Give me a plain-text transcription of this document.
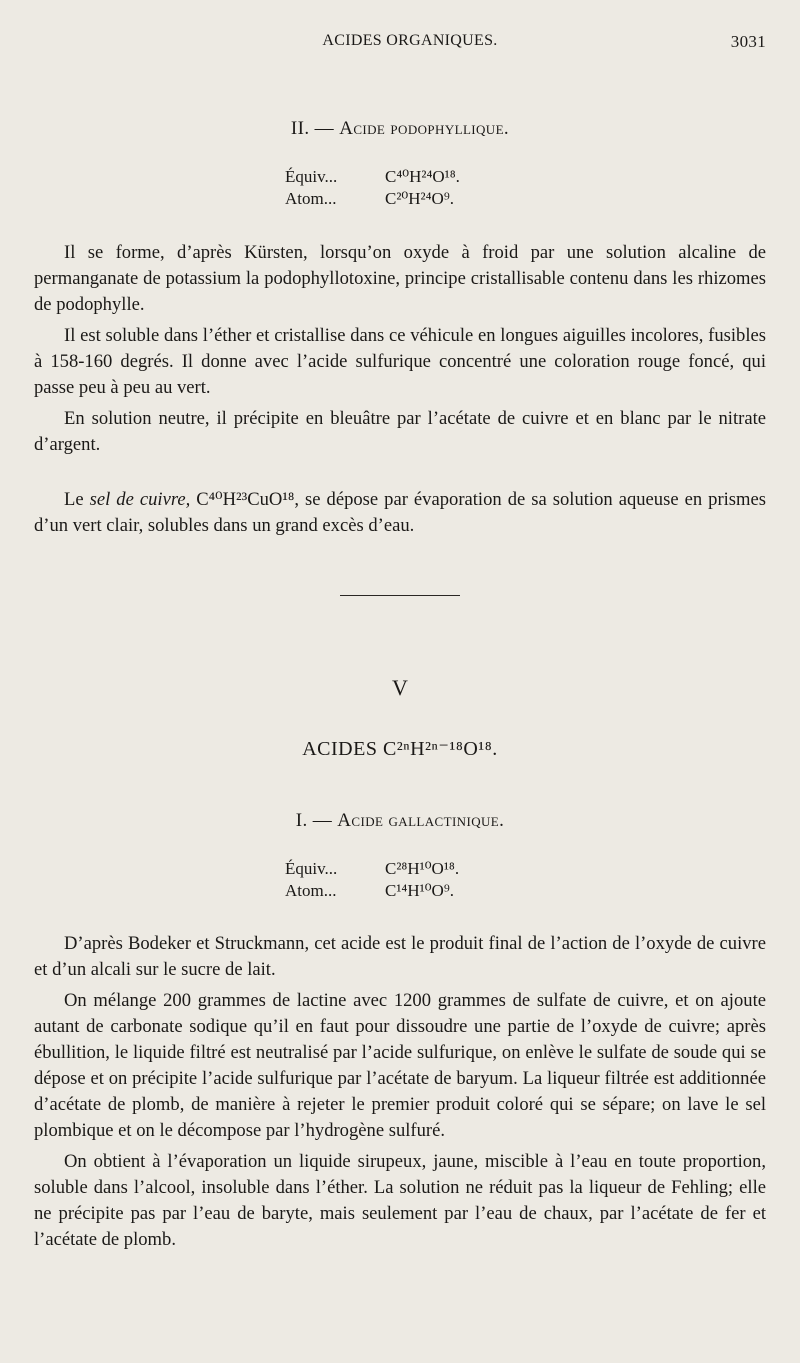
ACIDES ORGANIQUES.	3031
II. — Acide podophyllique.
Équiv...	C⁴⁰H²⁴O¹⁸.
Atom...	C²⁰H²⁴O⁹.

Il se forme, d’après Kürsten, lorsqu’on oxyde à froid par une solution alcaline de permanganate de potassium la podophyllotoxine, principe cristallisable contenu dans les rhizomes de podophylle.

Il est soluble dans l’éther et cristallise dans ce véhicule en longues aiguilles incolores, fusibles à 158-160 degrés. Il donne avec l’acide sulfurique concentré une coloration rouge foncé, qui passe peu à peu au vert.

En solution neutre, il précipite en bleuâtre par l’acétate de cuivre et en blanc par le nitrate d’argent.

Le sel de cuivre, C⁴⁰H²³CuO¹⁸, se dépose par évaporation de sa solution aqueuse en prismes d’un vert clair, solubles dans un grand excès d’eau.

V
ACIDES C²ⁿH²ⁿ⁻¹⁸O¹⁸.
I. — Acide gallactinique.
Équiv...	C²⁸H¹⁰O¹⁸.
Atom...	C¹⁴H¹⁰O⁹.

D’après Bodeker et Struckmann, cet acide est le produit final de l’action de l’oxyde de cuivre et d’un alcali sur le sucre de lait.

On mélange 200 grammes de lactine avec 1200 grammes de sulfate de cuivre, et on ajoute autant de carbonate sodique qu’il en faut pour dissoudre une partie de l’oxyde de cuivre; après ébullition, le liquide filtré est neutralisé par l’acide sulfurique, on enlève le sulfate de soude qui se dépose et on précipite l’acide sulfurique par l’acétate de baryum. La liqueur filtrée est additionnée d’acétate de plomb, de manière à rejeter le premier produit coloré qui se sépare; on lave le sel plombique et on le décompose par l’hydrogène sulfuré.

On obtient à l’évaporation un liquide sirupeux, jaune, miscible à l’eau en toute proportion, soluble dans l’alcool, insoluble dans l’éther. La solution ne réduit pas la liqueur de Fehling; elle ne précipite pas par l’eau de baryte, mais seulement par l’eau de chaux, par l’acétate de fer et l’acétate de plomb.
